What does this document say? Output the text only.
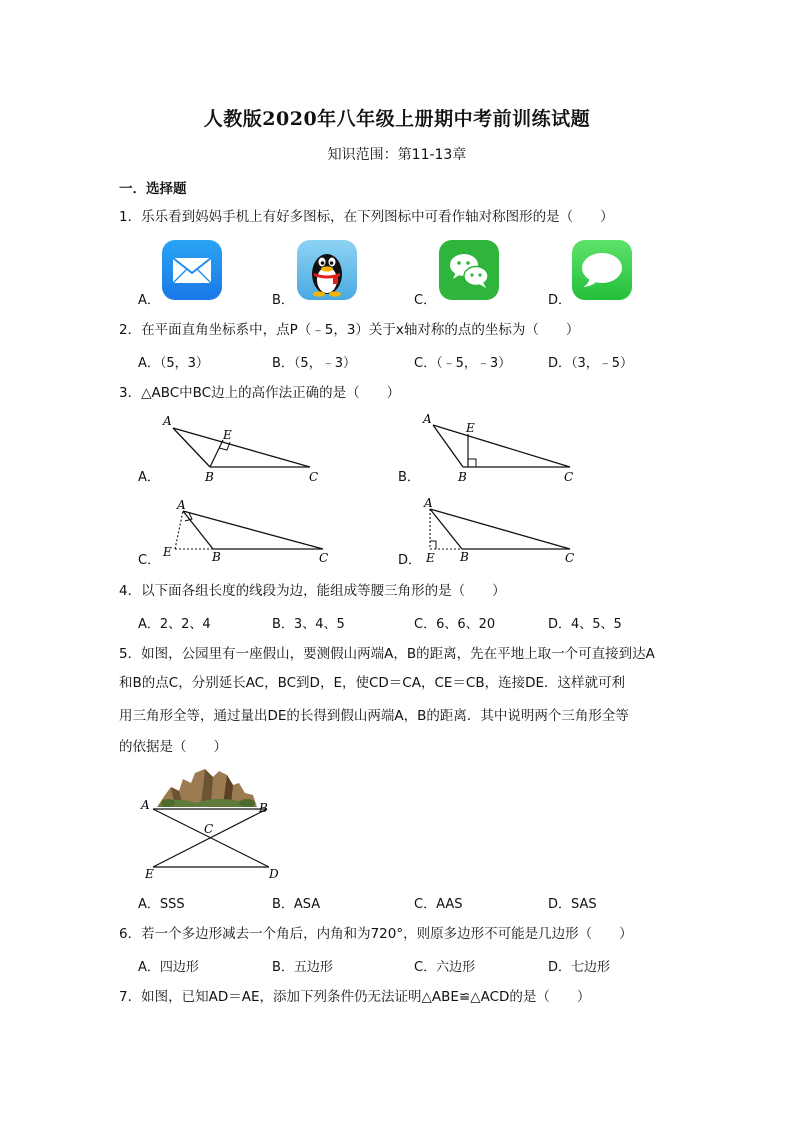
人教版2020年八年级上册期中考前训练试题
知识范围：第11-13章
一．选择题
1．乐乐看到妈妈手机上有好多图标，在下列图标中可看作轴对称图形的是（　　）
A．	B．	C．	D．
2．在平面直角坐标系中，点P（﹣5，3）关于x轴对称的点的坐标为（　　）
A．（5，3）	B．（5，﹣3）	C．（﹣5，﹣3）	D．（3，﹣5）
3．△ABC中BC边上的高作法正确的是（　　）
A．
A
E
B	C	B．
A
E
B	C
C．
A
E	B	C	D．
A
E B	C
4．以下面各组长度的线段为边，能组成等腰三角形的是（　　）
A．2、2、4	B．3、4、5	C．6、6、20	D．4、5、5
5．如图，公园里有一座假山，要测假山两端A，B的距离，先在平地上取一个可直接到达A
和B的点C，分别延长AC，BC到D，E，使CD＝CA，CE＝CB，连接DE．这样就可利
用三角形全等，通过量出DE的长得到假山两端A，B的距离．其中说明两个三角形全等
的依据是（　　）
A	B
C
E	D
A．SSS	B．ASA	C．AAS	D．SAS
6．若一个多边形减去一个角后，内角和为720°，则原多边形不可能是几边形（　　）
A．四边形	B．五边形	C．六边形	D．七边形
7．如图，已知AD＝AE，添加下列条件仍无法证明△ABE≌△ACD的是（　　）
